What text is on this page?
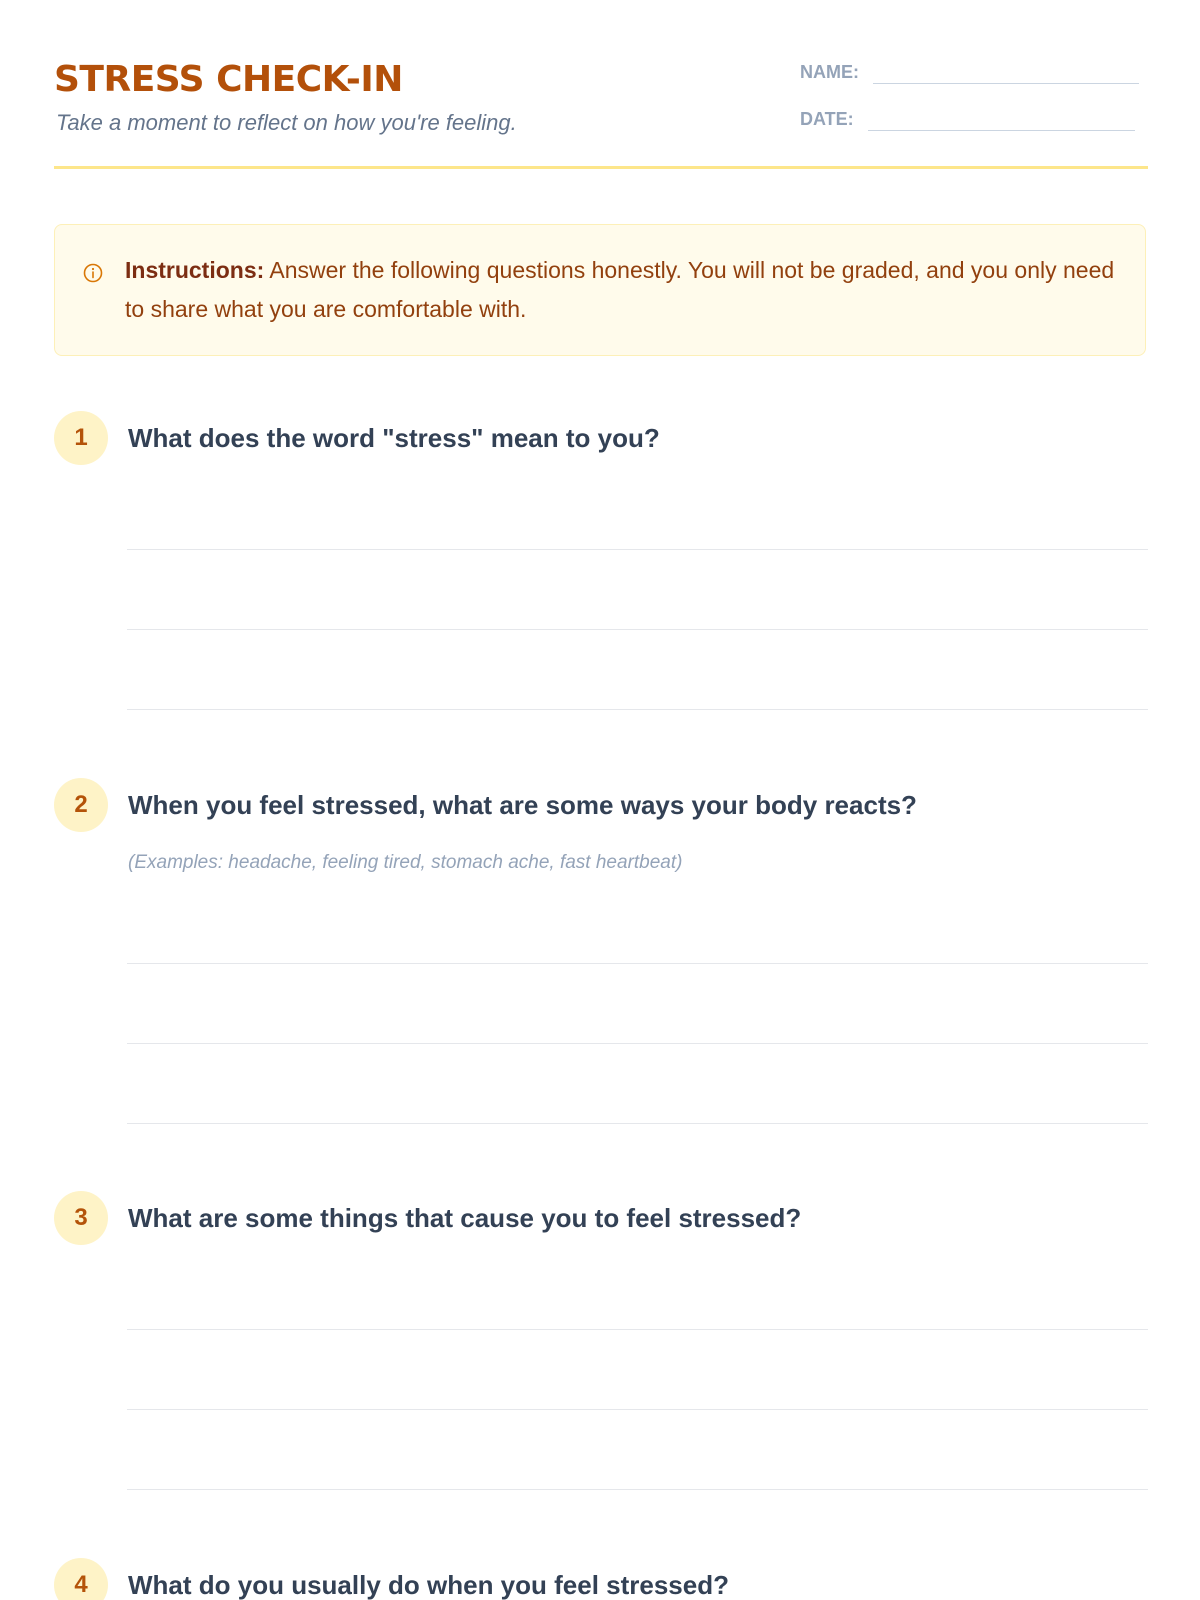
STRESS CHECK-IN
Take a moment to reflect on how you're feeling.
NAME:
DATE:
Instructions: Answer the following questions honestly. You will not be graded, and you only need to share what you are comfortable with.
1	What does the word "stress" mean to you?
2	When you feel stressed, what are some ways your body reacts?
(Examples: headache, feeling tired, stomach ache, fast heartbeat)
3	What are some things that cause you to feel stressed?
4	What do you usually do when you feel stressed?
